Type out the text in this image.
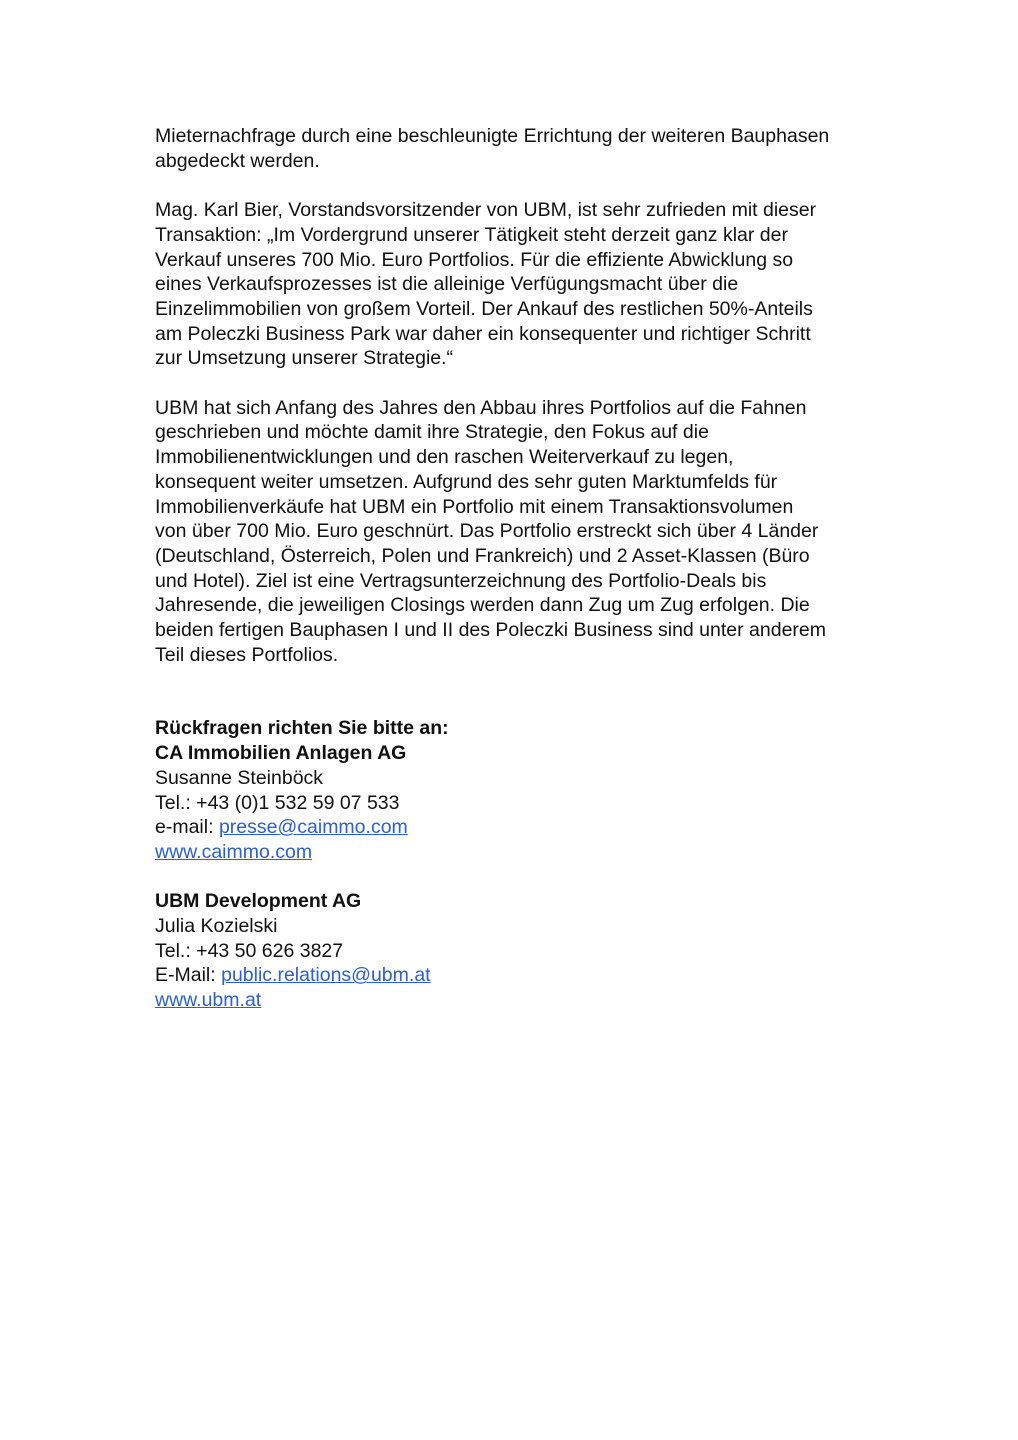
Mieternachfrage durch eine beschleunigte Errichtung der weiteren Bauphasen
abgedeckt werden.
Mag. Karl Bier, Vorstandsvorsitzender von UBM, ist sehr zufrieden mit dieser
Transaktion: „Im Vordergrund unserer Tätigkeit steht derzeit ganz klar der
Verkauf unseres 700 Mio. Euro Portfolios. Für die effiziente Abwicklung so
eines Verkaufsprozesses ist die alleinige Verfügungsmacht über die
Einzelimmobilien von großem Vorteil. Der Ankauf des restlichen 50%-Anteils
am Poleczki Business Park war daher ein konsequenter und richtiger Schritt
zur Umsetzung unserer Strategie.“
UBM hat sich Anfang des Jahres den Abbau ihres Portfolios auf die Fahnen
geschrieben und möchte damit ihre Strategie, den Fokus auf die
Immobilienentwicklungen und den raschen Weiterverkauf zu legen,
konsequent weiter umsetzen. Aufgrund des sehr guten Marktumfelds für
Immobilienverkäufe hat UBM ein Portfolio mit einem Transaktionsvolumen
von über 700 Mio. Euro geschnürt. Das Portfolio erstreckt sich über 4 Länder
(Deutschland, Österreich, Polen und Frankreich) und 2 Asset-Klassen (Büro
und Hotel). Ziel ist eine Vertragsunterzeichnung des Portfolio-Deals bis
Jahresende, die jeweiligen Closings werden dann Zug um Zug erfolgen. Die
beiden fertigen Bauphasen I und II des Poleczki Business sind unter anderem
Teil dieses Portfolios.
Rückfragen richten Sie bitte an:
CA Immobilien Anlagen AG
Susanne Steinböck
Tel.: +43 (0)1 532 59 07 533
e-mail: presse@caimmo.com
www.caimmo.com
UBM Development AG
Julia Kozielski
Tel.: +43 50 626 3827
E-Mail: public.relations@ubm.at
www.ubm.at
